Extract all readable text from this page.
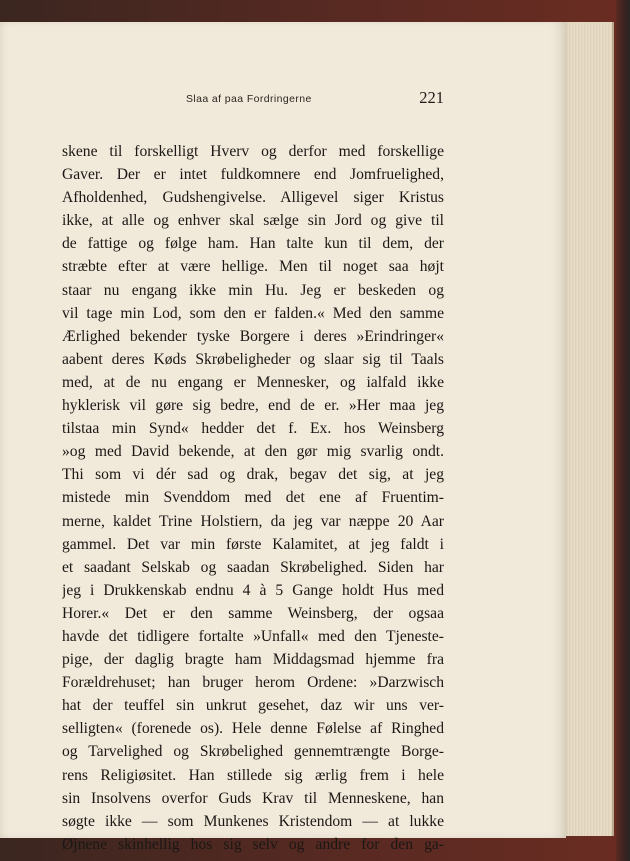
Slaa af paa Fordringerne	221
skene til forskelligt Hverv og derfor med forskellige
Gaver. Der er intet fuldkomnere end Jomfruelighed,
Afholdenhed, Gudshengivelse. Alligevel siger Kristus
ikke, at alle og enhver skal sælge sin Jord og give til
de fattige og følge ham. Han talte kun til dem, der
stræbte efter at være hellige. Men til noget saa højt
staar nu engang ikke min Hu. Jeg er beskeden og
vil tage min Lod, som den er falden.« Med den samme
Ærlighed bekender tyske Borgere i deres »Erindringer«
aabent deres Køds Skrøbeligheder og slaar sig til Taals
med, at de nu engang er Mennesker, og ialfald ikke
hyklerisk vil gøre sig bedre, end de er. »Her maa jeg
tilstaa min Synd« hedder det f. Ex. hos Weinsberg
»og med David bekende, at den gør mig svarlig ondt.
Thi som vi dér sad og drak, begav det sig, at jeg
mistede min Svenddom med det ene af Fruentim-
merne, kaldet Trine Holstiern, da jeg var næppe 20 Aar
gammel. Det var min første Kalamitet, at jeg faldt i
et saadant Selskab og saadan Skrøbelighed. Siden har
jeg i Drukkenskab endnu 4 à 5 Gange holdt Hus med
Horer.« Det er den samme Weinsberg, der ogsaa
havde det tidligere fortalte »Unfall« med den Tjeneste-
pige, der daglig bragte ham Middagsmad hjemme fra
Forældrehuset; han bruger herom Ordene: »Darzwisch
hat der teuffel sin unkrut gesehet, daz wir uns ver-
selligten« (forenede os). Hele denne Følelse af Ringhed
og Tarvelighed og Skrøbelighed gennemtrængte Borge-
rens Religiøsitet. Han stillede sig ærlig frem i hele
sin Insolvens overfor Guds Krav til Menneskene, han
søgte ikke — som Munkenes Kristendom — at lukke
Øjnene skinhellig hos sig selv og andre for den ga-
